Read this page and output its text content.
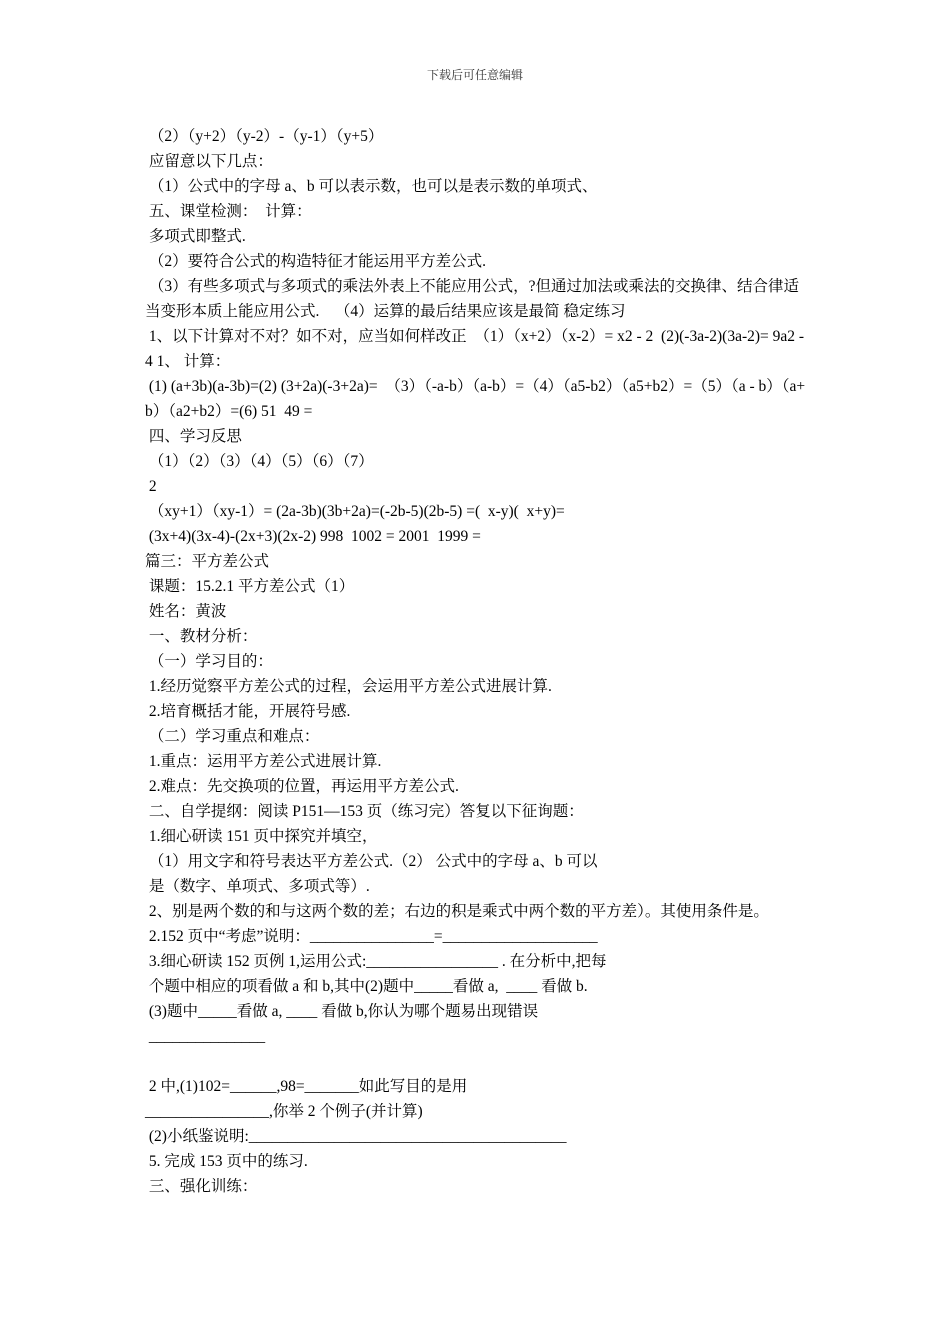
下载后可任意编辑
（2）（y+2）（y-2）-（y-1）（y+5）
应留意以下几点：
（1）公式中的字母 a、b 可以表示数，也可以是表示数的单项式、
五、课堂检测：  计算：
多项式即整式.
（2）要符合公式的构造特征才能运用平方差公式.
（3）有些多项式与多项式的乘法外表上不能应用公式，?但通过加法或乘法的交换律、结合律适当变形本质上能应用公式.    （4）运算的最后结果应该是最简 稳定练习
1、以下计算对不对？如不对，应当如何样改正  （1）（x+2）（x-2）= x2 - 2  (2)(-3a-2)(3a-2)= 9a2 -4 1、 计算：
(1) (a+3b)(a-3b)=(2) (3+2a)(-3+2a)=  （3）（-a-b）（a-b）=（4）（a5-b2）（a5+b2）=（5）（a - b）（a+b）（a2+b2）=(6) 51  49 =
四、学习反思
（1）（2）（3）（4）（5）（6）（7）
2
（xy+1）（xy-1）= (2a-3b)(3b+2a)=(-2b-5)(2b-5) =(  x-y)(  x+y)=
(3x+4)(3x-4)-(2x+3)(2x-2) 998  1002 = 2001  1999 =
篇三：平方差公式
课题：15.2.1 平方差公式（1）
姓名：黄波
一、教材分析：
（一）学习目的：
1.经历觉察平方差公式的过程，会运用平方差公式进展计算.
2.培育概括才能，开展符号感.
（二）学习重点和难点：
1.重点：运用平方差公式进展计算.
2.难点：先交换项的位置，再运用平方差公式.
二、自学提纲：阅读 P151—153 页（练习完）答复以下征询题：
1.细心研读 151 页中探究并填空，
（1）用文字和符号表达平方差公式.（2） 公式中的字母 a、b 可以
是（数字、单项式、多项式等）.
2、别是两个数的和与这两个数的差；右边的积是乘式中两个数的平方差）。其使用条件是。
2.152 页中“考虑”说明：________________=____________________
3.细心研读 152 页例 1,运用公式:_________________ . 在分析中,把每
个题中相应的项看做 a 和 b,其中(2)题中_____看做 a,  ____ 看做 b.
(3)题中_____看做 a, ____ 看做 b,你认为哪个题易出现错误
_______________
2 中,(1)102=______,98=_______如此写目的是用
________________,你举 2 个例子(并计算)
(2)小纸鉴说明:_________________________________________
5. 完成 153 页中的练习.
三、强化训练：
